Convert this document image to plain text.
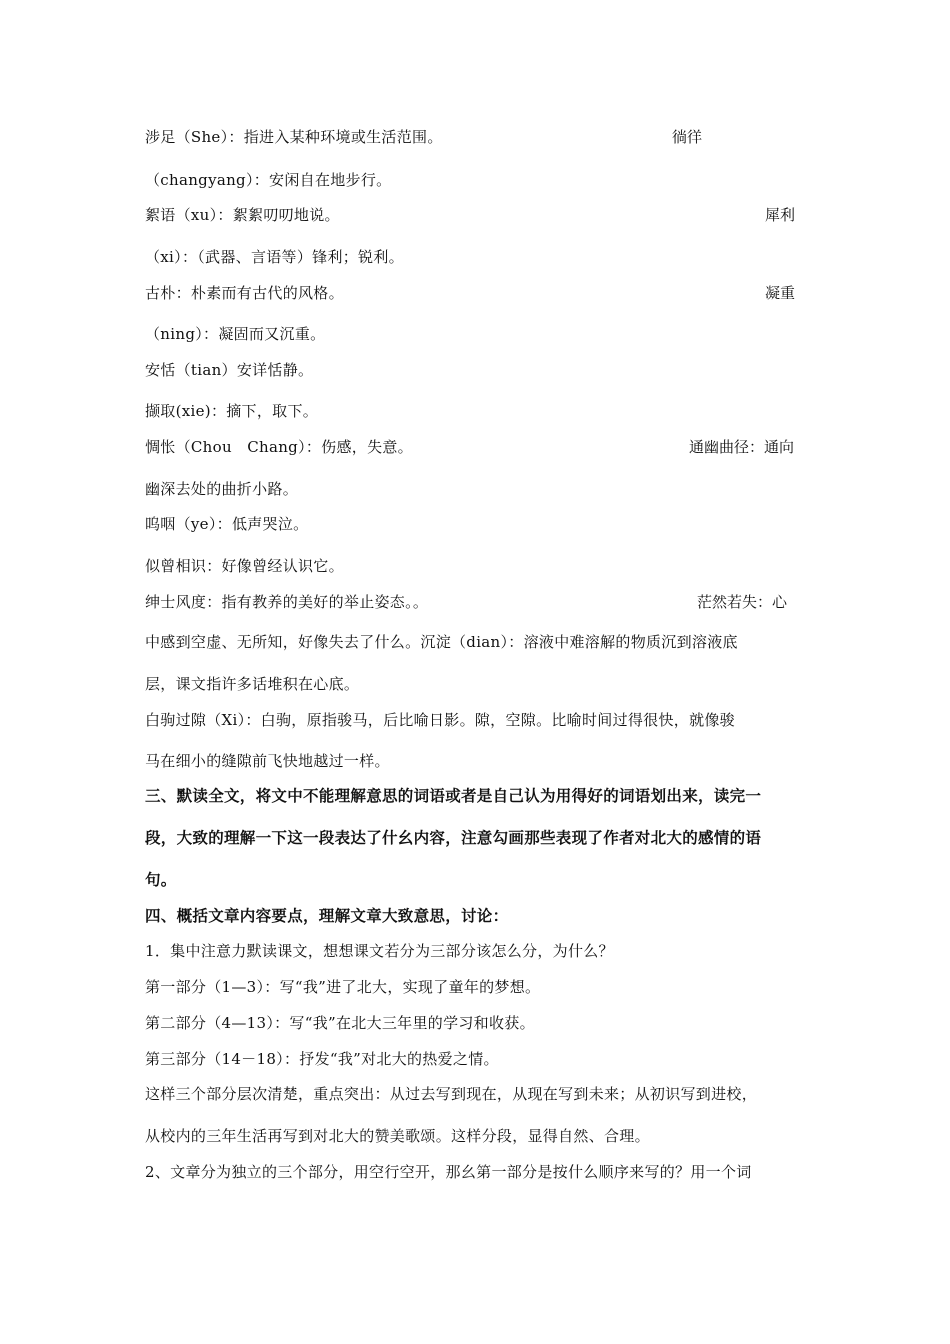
涉足（She）：指进入某种环境或生活范围。	徜徉
（changyang）：安闲自在地步行。
絮语（xu）：絮絮叨叨地说。	犀利
（xi）：（武器、言语等）锋利；锐利。
古朴：朴素而有古代的风格。	凝重
（ning）：凝固而又沉重。
安恬（tian）安详恬静。
撷取(xie)：摘下，取下。
惆怅（Chou　Chang）：伤感，失意。	通幽曲径：通向
幽深去处的曲折小路。
呜咽（ye）：低声哭泣。
似曾相识：好像曾经认识它。
绅士风度：指有教养的美好的举止姿态。。	茫然若失：心
中感到空虚、无所知，好像失去了什么。沉淀（dian）：溶液中难溶解的物质沉到溶液底
层，课文指许多话堆积在心底。
白驹过隙（Xi）：白驹，原指骏马，后比喻日影。隙，空隙。比喻时间过得很快，就像骏
马在细小的缝隙前飞快地越过一样。
三、默读全文，将文中不能理解意思的词语或者是自己认为用得好的词语划出来，读完一
段，大致的理解一下这一段表达了什幺内容，注意勾画那些表现了作者对北大的感情的语
句。
四、概括文章内容要点，理解文章大致意思，讨论：
1．集中注意力默读课文，想想课文若分为三部分该怎么分，为什么？
第一部分（1—3）：写“我”进了北大，实现了童年的梦想。
第二部分（4—13）：写“我”在北大三年里的学习和收获。
第三部分（14－18）：抒发“我”对北大的热爱之情。
这样三个部分层次清楚，重点突出：从过去写到现在，从现在写到未来；从初识写到进校，
从校内的三年生活再写到对北大的赞美歌颂。这样分段，显得自然、合理。
2、文章分为独立的三个部分，用空行空开，那幺第一部分是按什么顺序来写的？用一个词
